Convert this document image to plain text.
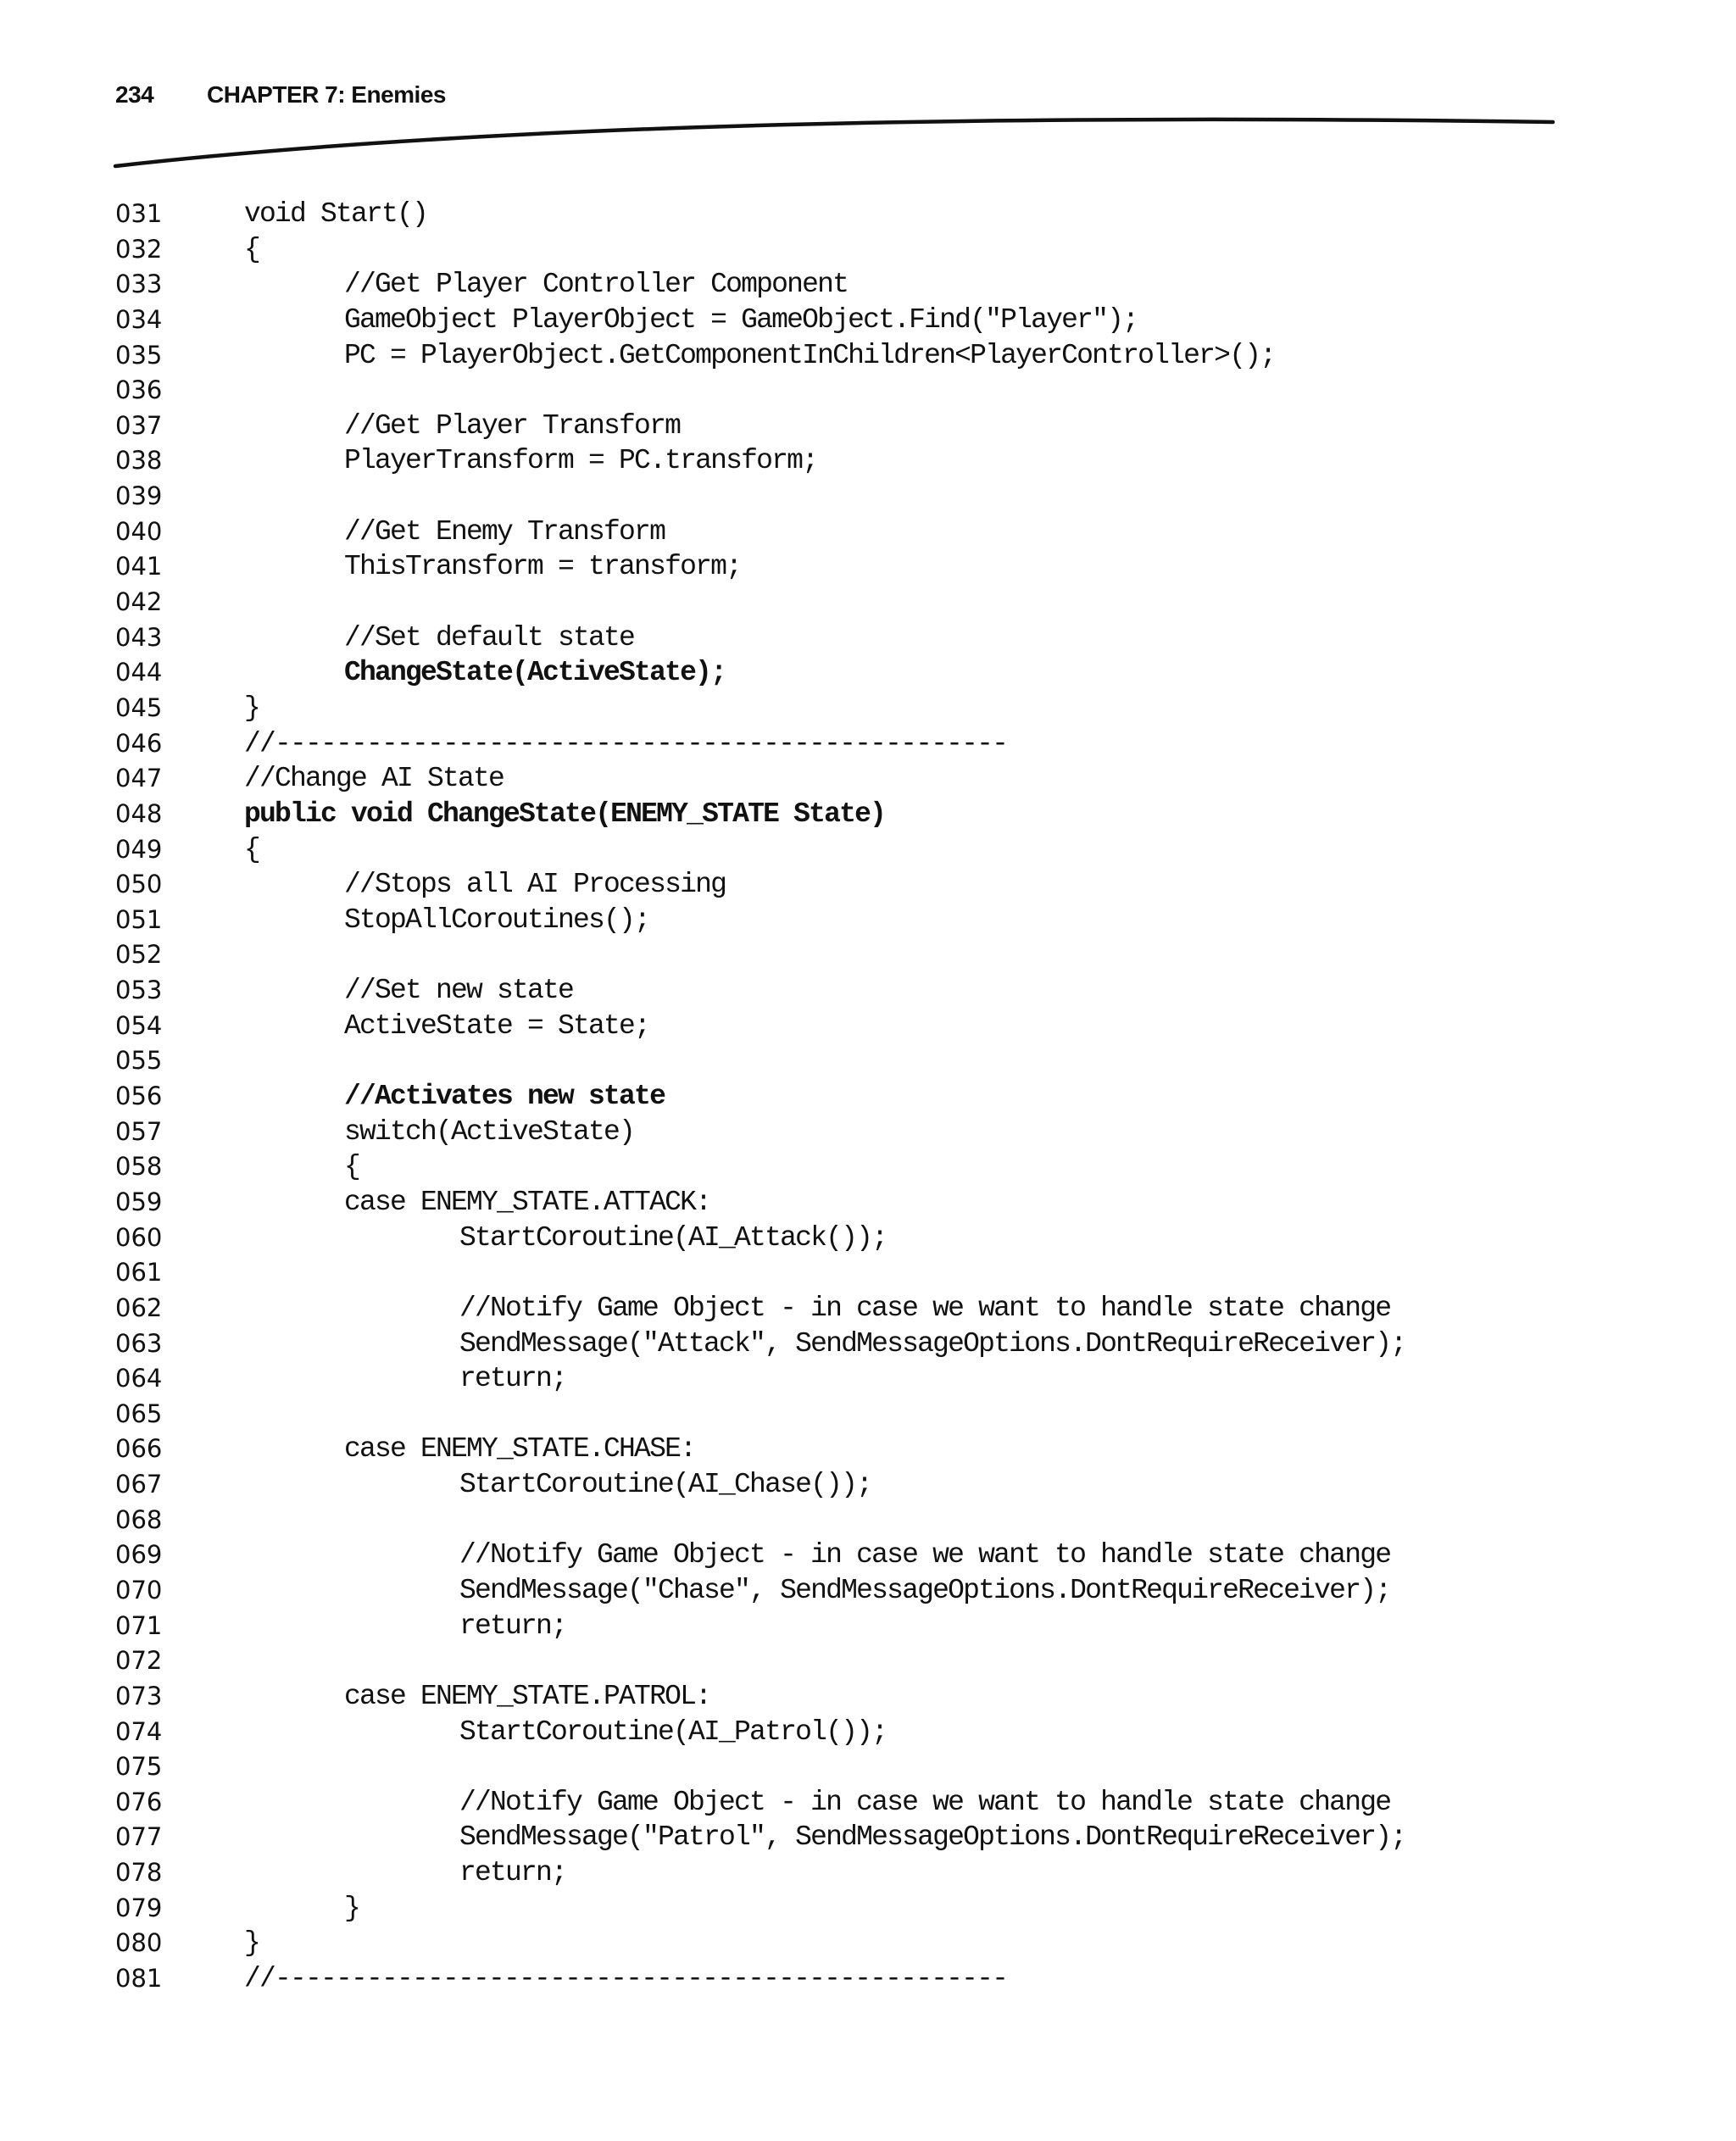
234	CHAPTER 7: Enemies
031	void Start()
032	{
033	//Get Player Controller Component
034	GameObject PlayerObject = GameObject.Find("Player");
035	PC = PlayerObject.GetComponentInChildren<PlayerController>();
036
037	//Get Player Transform
038	PlayerTransform = PC.transform;
039
040	//Get Enemy Transform
041	ThisTransform = transform;
042
043	//Set default state
044	ChangeState(ActiveState);
045	}
046	//------------------------------------------------
047	//Change AI State
048	public void ChangeState(ENEMY_STATE State)
049	{
050	//Stops all AI Processing
051	StopAllCoroutines();
052
053	//Set new state
054	ActiveState = State;
055
056	//Activates new state
057	switch(ActiveState)
058	{
059	case ENEMY_STATE.ATTACK:
060	StartCoroutine(AI_Attack());
061
062	//Notify Game Object - in case we want to handle state change
063	SendMessage("Attack", SendMessageOptions.DontRequireReceiver);
064	return;
065
066	case ENEMY_STATE.CHASE:
067	StartCoroutine(AI_Chase());
068
069	//Notify Game Object - in case we want to handle state change
070	SendMessage("Chase", SendMessageOptions.DontRequireReceiver);
071	return;
072
073	case ENEMY_STATE.PATROL:
074	StartCoroutine(AI_Patrol());
075
076	//Notify Game Object - in case we want to handle state change
077	SendMessage("Patrol", SendMessageOptions.DontRequireReceiver);
078	return;
079	}
080	}
081	//------------------------------------------------
